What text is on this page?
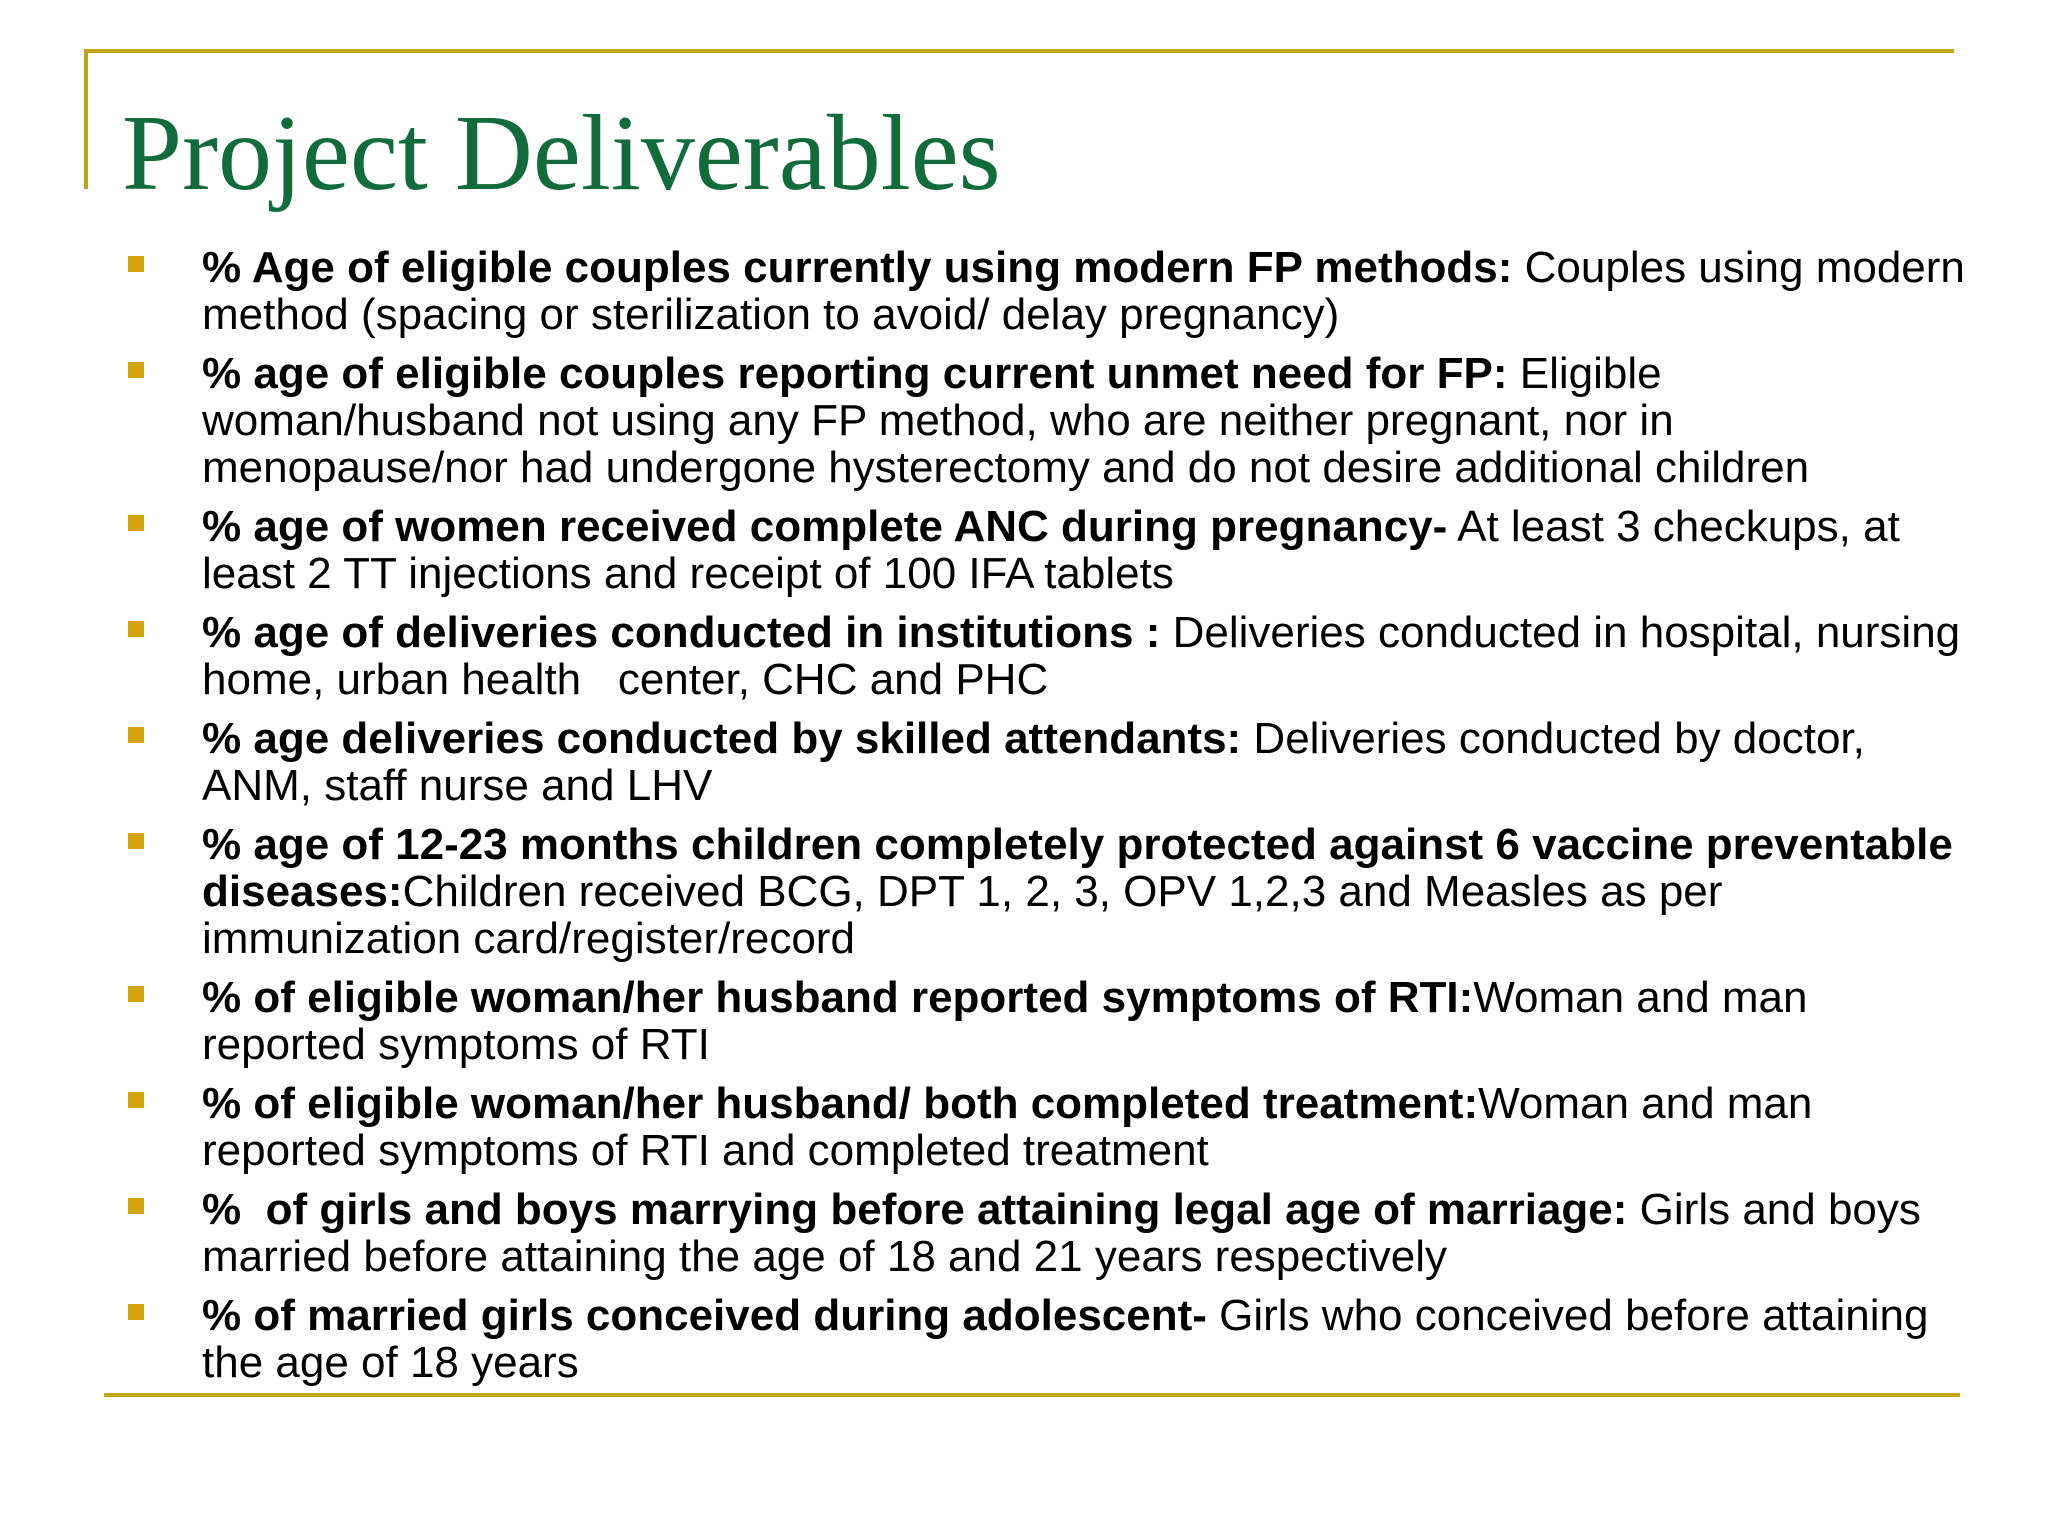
Project Deliverables
% Age of eligible couples currently using modern FP methods: Couples using modern method (spacing or sterilization to avoid/ delay pregnancy)
% age of eligible couples reporting current unmet need for FP: Eligible woman/husband not using any FP method, who are neither pregnant, nor in menopause/nor had undergone hysterectomy and do not desire additional children
% age of women received complete ANC during pregnancy- At least 3 checkups, at least 2 TT injections and receipt of 100 IFA tablets
% age of deliveries conducted in institutions : Deliveries conducted in hospital, nursing home, urban health   center, CHC and PHC
% age deliveries conducted by skilled attendants: Deliveries conducted by doctor, ANM, staff nurse and LHV
% age of 12-23 months children completely protected against 6 vaccine preventable diseases:Children received BCG, DPT 1, 2, 3, OPV 1,2,3 and Measles as per immunization card/register/record
% of eligible woman/her husband reported symptoms of RTI:Woman and man reported symptoms of RTI
% of eligible woman/her husband/ both completed treatment:Woman and man reported symptoms of RTI and completed treatment
%  of girls and boys marrying before attaining legal age of marriage: Girls and boys married before attaining the age of 18 and 21 years respectively
% of married girls conceived during adolescent- Girls who conceived before attaining the age of 18 years
